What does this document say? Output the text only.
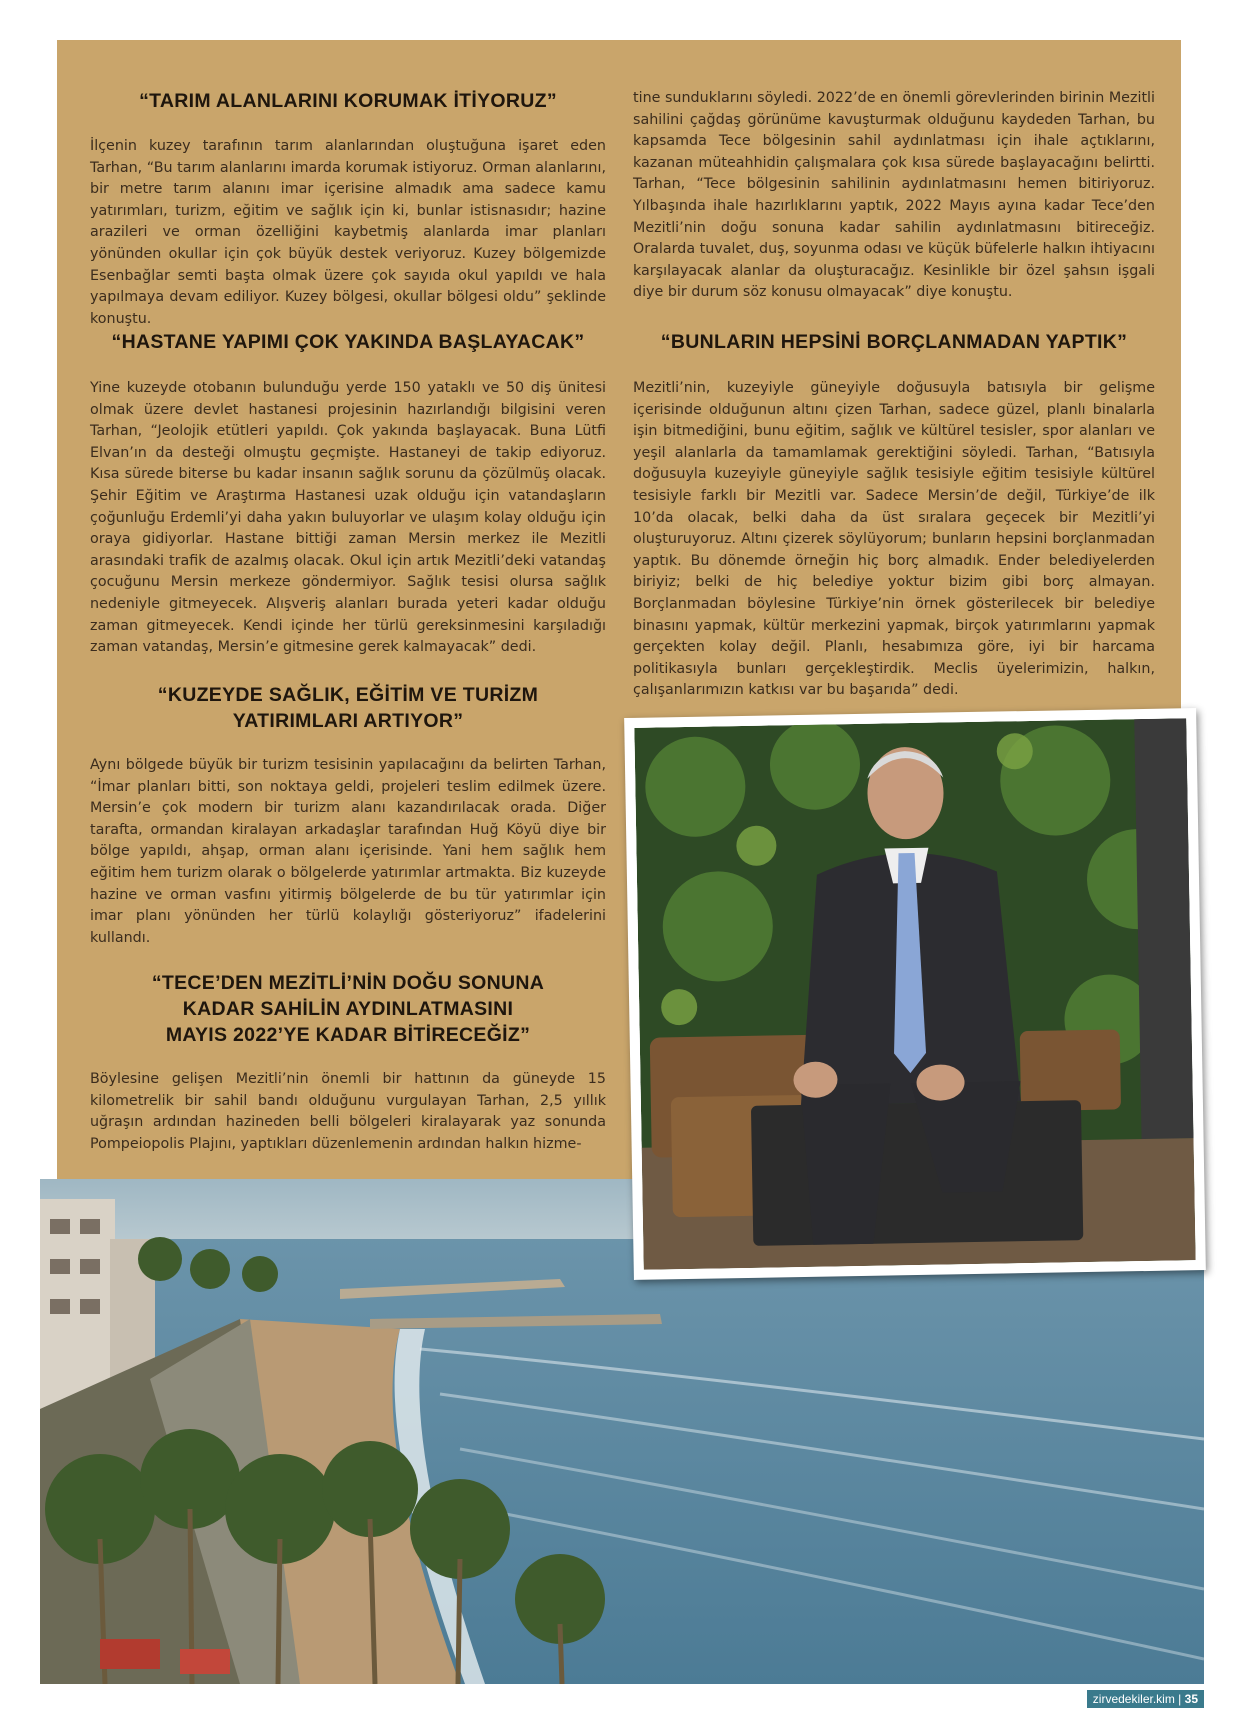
“TARIM ALANLARINI KORUMAK İTİYORUZ”

İlçenin kuzey tarafının tarım alanlarından oluştuğuna işaret eden Tarhan, “Bu tarım alanlarını imarda korumak istiyoruz. Orman alanlarını, bir metre tarım alanını imar içerisine almadık ama sadece kamu yatırımları, turizm, eğitim ve sağlık için ki, bunlar istisnasıdır; hazine arazileri ve orman özelliğini kaybetmiş alanlarda imar planları yönünden okullar için çok büyük destek veriyoruz. Kuzey bölgemizde Esenbağlar semti başta olmak üzere çok sayıda okul yapıldı ve hala yapılmaya devam ediliyor. Kuzey bölgesi, okullar bölgesi oldu” şeklinde konuştu.

“HASTANE YAPIMI ÇOK YAKINDA BAŞLAYACAK”

Yine kuzeyde otobanın bulunduğu yerde 150 yataklı ve 50 diş ünitesi olmak üzere devlet hastanesi projesinin hazırlandığı bilgisini veren Tarhan, “Jeolojik etütleri yapıldı. Çok yakında başlayacak. Buna Lütfi Elvan’ın da desteği olmuştu geçmişte. Hastaneyi de takip ediyoruz. Kısa sürede biterse bu kadar insanın sağlık sorunu da çözülmüş olacak. Şehir Eğitim ve Araştırma Hastanesi uzak olduğu için vatandaşların çoğunluğu Erdemli’yi daha yakın buluyorlar ve ulaşım kolay olduğu için oraya gidiyorlar. Hastane bittiği zaman Mersin merkez ile Mezitli arasındaki trafik de azalmış olacak. Okul için artık Mezitli’deki vatandaş çocuğunu Mersin merkeze göndermiyor. Sağlık tesisi olursa sağlık nedeniyle gitmeyecek. Alışveriş alanları burada yeteri kadar olduğu zaman gitmeyecek. Kendi içinde her türlü gereksinmesini karşıladığı zaman vatandaş, Mersin’e gitmesine gerek kalmayacak” dedi.

“KUZEYDE SAĞLIK, EĞİTİM VE TURİZM
YATIRIMLARI ARTIYOR”

Aynı bölgede büyük bir turizm tesisinin yapılacağını da belirten Tarhan, “İmar planları bitti, son noktaya geldi, projeleri teslim edilmek üzere. Mersin’e çok modern bir turizm alanı kazandırılacak orada. Diğer taraftа, ormandan kiralayan arkadaşlar tarafından Huğ Köyü diye bir bölge yapıldı, ahşap, orman alanı içerisinde. Yani hem sağlık hem eğitim hem turizm olarak o bölgelerde yatırımlar artmakta. Biz kuzeyde hazine ve orman vasfını yitirmiş bölgelerde de bu tür yatırımlar için imar planı yönünden her türlü kolaylığı gösteriyoruz” ifadelerini kullandı.

“TECE’DEN MEZİTLİ’NİN DOĞU SONUNA
KADAR SAHİLİN AYDINLATMASINI
MAYIS 2022’YE KADAR BİTİRECEĞİZ”

Böylesine gelişen Mezitli’nin önemli bir hattının da güneyde 15 kilometrelik bir sahil bandı olduğunu vurgulayan Tarhan, 2,5 yıllık uğraşın ardından hazineden belli bölgeleri kiralayarak yaz sonunda Pompeiopolis Plajını, yaptıkları düzenlemenin ardından halkın hizme-

tine sunduklarını söyledi. 2022’de en önemli görevlerinden birinin Mezitli sahilini çağdaş görünüme kavuşturmak olduğunu kaydeden Tarhan, bu kapsamda Tece bölgesinin sahil aydınlatması için ihale açtıklarını, kazanan müteahhidin çalışmalara çok kısa sürede başlayacağını belirtti. Tarhan, “Tece bölgesinin sahilinin aydınlatmasını hemen bitiriyoruz. Yılbaşında ihale hazırlıklarını yaptık, 2022 Mayıs ayına kadar Tece’den Mezitli’nin doğu sonuna kadar sahilin aydınlatmasını bitireceğiz. Oralarda tuvalet, duş, soyunma odası ve küçük büfelerle halkın ihtiyacını karşılayacak alanlar da oluşturacağız. Kesinlikle bir özel şahsın işgali diye bir durum söz konusu olmayacak” diye konuştu.

“BUNLARIN HEPSİNİ BORÇLANMADAN YAPTIK”

Mezitli’nin, kuzeyiyle güneyiyle doğusuyla batısıyla bir gelişme içerisinde olduğunun altını çizen Tarhan, sadece güzel, planlı binalarla işin bitmediğini, bunu eğitim, sağlık ve kültürel tesisler, spor alanları ve yeşil alanlarla da tamamlamak gerektiğini söyledi. Tarhan, “Batısıyla doğusuyla kuzeyiyle güneyiyle sağlık tesisiyle eğitim tesisiyle kültürel tesisiyle farklı bir Mezitli var. Sadece Mersin’de değil, Türkiye’de ilk 10’da olacak, belki daha da üst sıralara geçecek bir Mezitli’yi oluşturuyoruz. Altını çizerek söylüyorum; bunların hepsini borçlanmadan yaptık. Bu dönemde örneğin hiç borç almadık. Ender belediyelerden biriyiz; belki de hiç belediye yoktur bizim gibi borç almayan. Borçlanmadan böylesine Türkiye’nin örnek gösterilecek bir belediye binasını yapmak, kültür merkezini yapmak, birçok yatırımlarını yapmak gerçekten kolay değil. Planlı, hesabımıza göre, iyi bir harcama politikasıyla bunları gerçekleştirdik. Meclis üyelerimizin, halkın, çalışanlarımızın katkısı var bu başarıda” dedi.

zirvedekiler.kim | 35
